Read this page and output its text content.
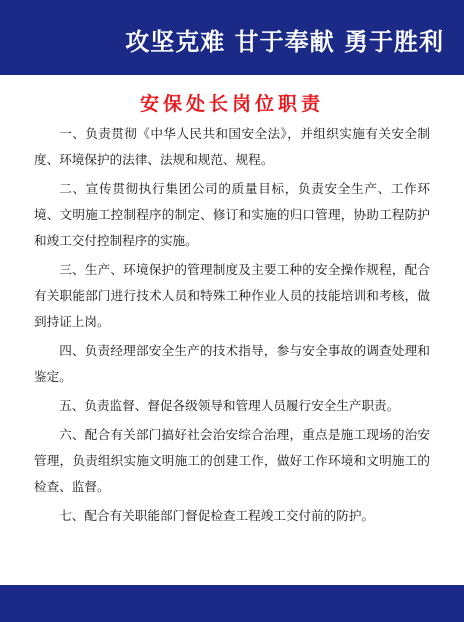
攻坚克难 甘于奉献 勇于胜利
安保处长岗位职责
一、负责贯彻《中华人民共和国安全法》，并组织实施有关安全制度、环境保护的法律、法规和规范、规程。
二、宣传贯彻执行集团公司的质量目标，负责安全生产、工作环境、文明施工控制程序的制定、修订和实施的归口管理，协助工程防护和竣工交付控制程序的实施。
三、生产、环境保护的管理制度及主要工种的安全操作规程，配合有关职能部门进行技术人员和特殊工种作业人员的技能培训和考核，做到持证上岗。
四、负责经理部安全生产的技术指导，参与安全事故的调查处理和鉴定。
五、负责监督、督促各级领导和管理人员履行安全生产职责。
六、配合有关部门搞好社会治安综合治理，重点是施工现场的治安管理，负责组织实施文明施工的创建工作，做好工作环境和文明施工的检查、监督。
七、配合有关职能部门督促检查工程竣工交付前的防护。
